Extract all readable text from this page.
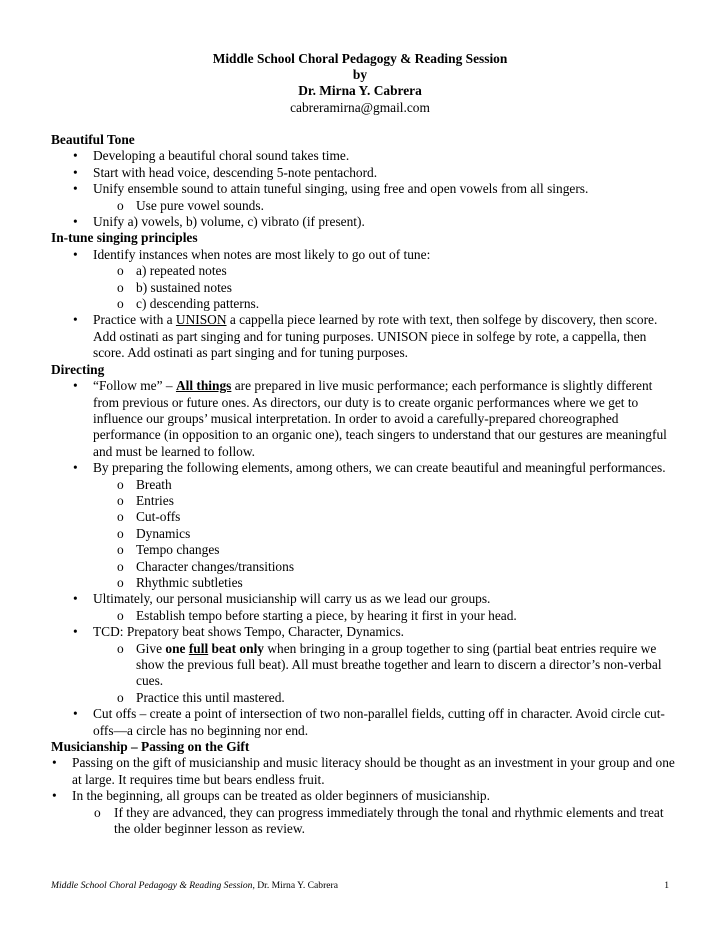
Middle School Choral Pedagogy & Reading Session
by
Dr. Mirna Y. Cabrera
cabreramirna@gmail.com
Beautiful Tone
• Developing a beautiful choral sound takes time.
• Start with head voice, descending 5-note pentachord.
• Unify ensemble sound to attain tuneful singing, using free and open vowels from all singers.
o Use pure vowel sounds.
• Unify a) vowels, b) volume, c) vibrato (if present).
In-tune singing principles
• Identify instances when notes are most likely to go out of tune:
o a) repeated notes
o b) sustained notes
o c) descending patterns.
• Practice with a UNISON a cappella piece learned by rote with text, then solfege by discovery, then score. Add ostinati as part singing and for tuning purposes. UNISON piece in solfege by rote, a cappella, then score. Add ostinati as part singing and for tuning purposes.
Directing
• “Follow me” – All things are prepared in live music performance; each performance is slightly different from previous or future ones. As directors, our duty is to create organic performances where we get to influence our groups’ musical interpretation. In order to avoid a carefully-prepared choreographed performance (in opposition to an organic one), teach singers to understand that our gestures are meaningful and must be learned to follow.
• By preparing the following elements, among others, we can create beautiful and meaningful performances.
o Breath
o Entries
o Cut-offs
o Dynamics
o Tempo changes
o Character changes/transitions
o Rhythmic subtleties
• Ultimately, our personal musicianship will carry us as we lead our groups.
o Establish tempo before starting a piece, by hearing it first in your head.
• TCD: Prepatory beat shows Tempo, Character, Dynamics.
o Give one full beat only when bringing in a group together to sing (partial beat entries require we show the previous full beat). All must breathe together and learn to discern a director’s non-verbal cues.
o Practice this until mastered.
• Cut offs – create a point of intersection of two non-parallel fields, cutting off in character. Avoid circle cut-offs—a circle has no beginning nor end.
Musicianship – Passing on the Gift
• Passing on the gift of musicianship and music literacy should be thought as an investment in your group and one at large. It requires time but bears endless fruit.
• In the beginning, all groups can be treated as older beginners of musicianship.
o If they are advanced, they can progress immediately through the tonal and rhythmic elements and treat the older beginner lesson as review.
Middle School Choral Pedagogy & Reading Session, Dr. Mirna Y. Cabrera	1
